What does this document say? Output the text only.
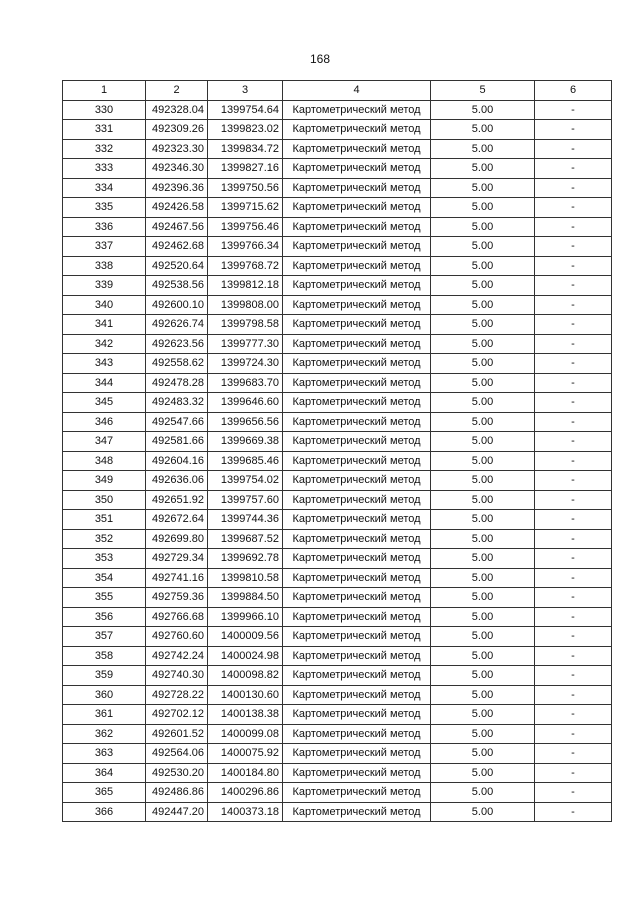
168
1	2	3	4	5	6
330	492328.04	1399754.64	Картометрический метод	5.00	-
331	492309.26	1399823.02	Картометрический метод	5.00	-
332	492323.30	1399834.72	Картометрический метод	5.00	-
333	492346.30	1399827.16	Картометрический метод	5.00	-
334	492396.36	1399750.56	Картометрический метод	5.00	-
335	492426.58	1399715.62	Картометрический метод	5.00	-
336	492467.56	1399756.46	Картометрический метод	5.00	-
337	492462.68	1399766.34	Картометрический метод	5.00	-
338	492520.64	1399768.72	Картометрический метод	5.00	-
339	492538.56	1399812.18	Картометрический метод	5.00	-
340	492600.10	1399808.00	Картометрический метод	5.00	-
341	492626.74	1399798.58	Картометрический метод	5.00	-
342	492623.56	1399777.30	Картометрический метод	5.00	-
343	492558.62	1399724.30	Картометрический метод	5.00	-
344	492478.28	1399683.70	Картометрический метод	5.00	-
345	492483.32	1399646.60	Картометрический метод	5.00	-
346	492547.66	1399656.56	Картометрический метод	5.00	-
347	492581.66	1399669.38	Картометрический метод	5.00	-
348	492604.16	1399685.46	Картометрический метод	5.00	-
349	492636.06	1399754.02	Картометрический метод	5.00	-
350	492651.92	1399757.60	Картометрический метод	5.00	-
351	492672.64	1399744.36	Картометрический метод	5.00	-
352	492699.80	1399687.52	Картометрический метод	5.00	-
353	492729.34	1399692.78	Картометрический метод	5.00	-
354	492741.16	1399810.58	Картометрический метод	5.00	-
355	492759.36	1399884.50	Картометрический метод	5.00	-
356	492766.68	1399966.10	Картометрический метод	5.00	-
357	492760.60	1400009.56	Картометрический метод	5.00	-
358	492742.24	1400024.98	Картометрический метод	5.00	-
359	492740.30	1400098.82	Картометрический метод	5.00	-
360	492728.22	1400130.60	Картометрический метод	5.00	-
361	492702.12	1400138.38	Картометрический метод	5.00	-
362	492601.52	1400099.08	Картометрический метод	5.00	-
363	492564.06	1400075.92	Картометрический метод	5.00	-
364	492530.20	1400184.80	Картометрический метод	5.00	-
365	492486.86	1400296.86	Картометрический метод	5.00	-
366	492447.20	1400373.18	Картометрический метод	5.00	-
